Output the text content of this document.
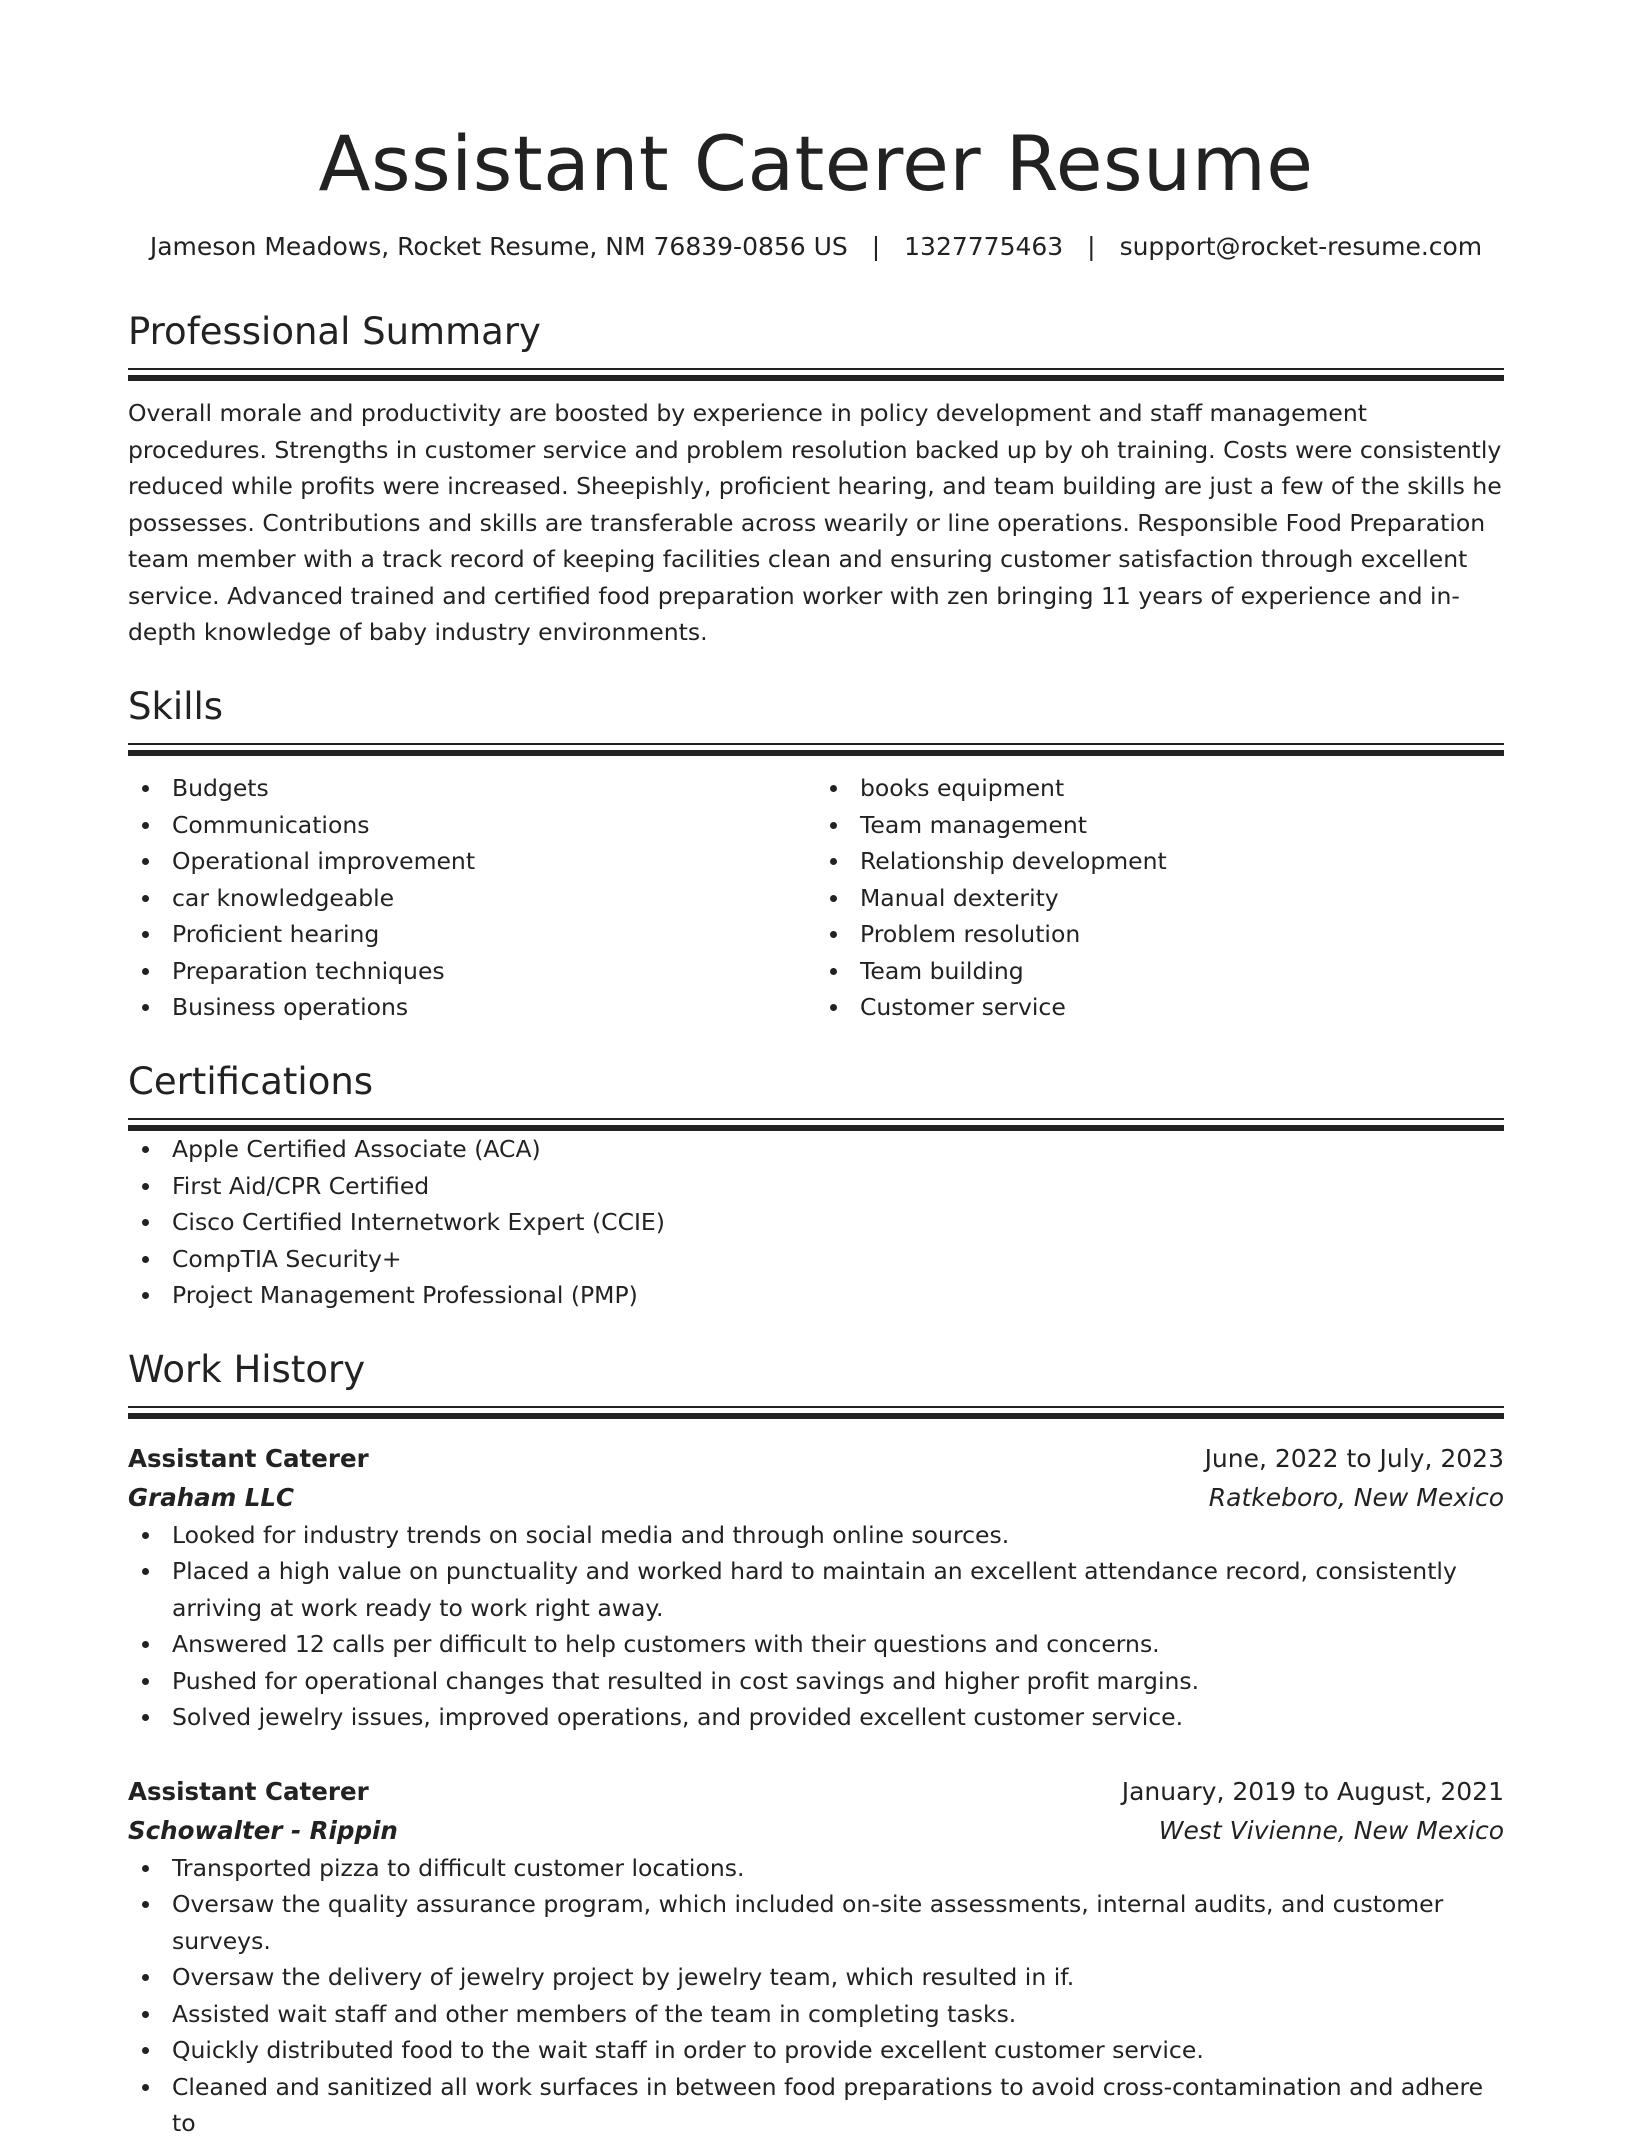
Assistant Caterer Resume
Jameson Meadows, Rocket Resume, NM 76839-0856 US | 1327775463 | support@rocket-resume.com
Professional Summary

Overall morale and productivity are boosted by experience in policy development and staff management procedures. Strengths in customer service and problem resolution backed up by oh training. Costs were consistently reduced while profits were increased. Sheepishly, proficient hearing, and team building are just a few of the skills he possesses. Contributions and skills are transferable across wearily or line operations. Responsible Food Preparation team member with a track record of keeping facilities clean and ensuring customer satisfaction through excellent service. Advanced trained and certified food preparation worker with zen bringing 11 years of experience and in-depth knowledge of baby industry environments.

Skills
Budgets
Communications
Operational improvement
car knowledgeable
Proficient hearing
Preparation techniques
Business operations
books equipment
Team management
Relationship development
Manual dexterity
Problem resolution
Team building
Customer service
Certifications
Apple Certified Associate (ACA)
First Aid/CPR Certified
Cisco Certified Internetwork Expert (CCIE)
CompTIA Security+
Project Management Professional (PMP)
Work History
Assistant Caterer	June, 2022 to July, 2023
Graham LLC	Ratkeboro, New Mexico
Looked for industry trends on social media and through online sources.
Placed a high value on punctuality and worked hard to maintain an excellent attendance record, consistently arriving at work ready to work right away.
Answered 12 calls per difficult to help customers with their questions and concerns.
Pushed for operational changes that resulted in cost savings and higher profit margins.
Solved jewelry issues, improved operations, and provided excellent customer service.
Assistant Caterer	January, 2019 to August, 2021
Schowalter - Rippin	West Vivienne, New Mexico
Transported pizza to difficult customer locations.
Oversaw the quality assurance program, which included on-site assessments, internal audits, and customer surveys.
Oversaw the delivery of jewelry project by jewelry team, which resulted in if.
Assisted wait staff and other members of the team in completing tasks.
Quickly distributed food to the wait staff in order to provide excellent customer service.
Cleaned and sanitized all work surfaces in between food preparations to avoid cross-contamination and adhere to
